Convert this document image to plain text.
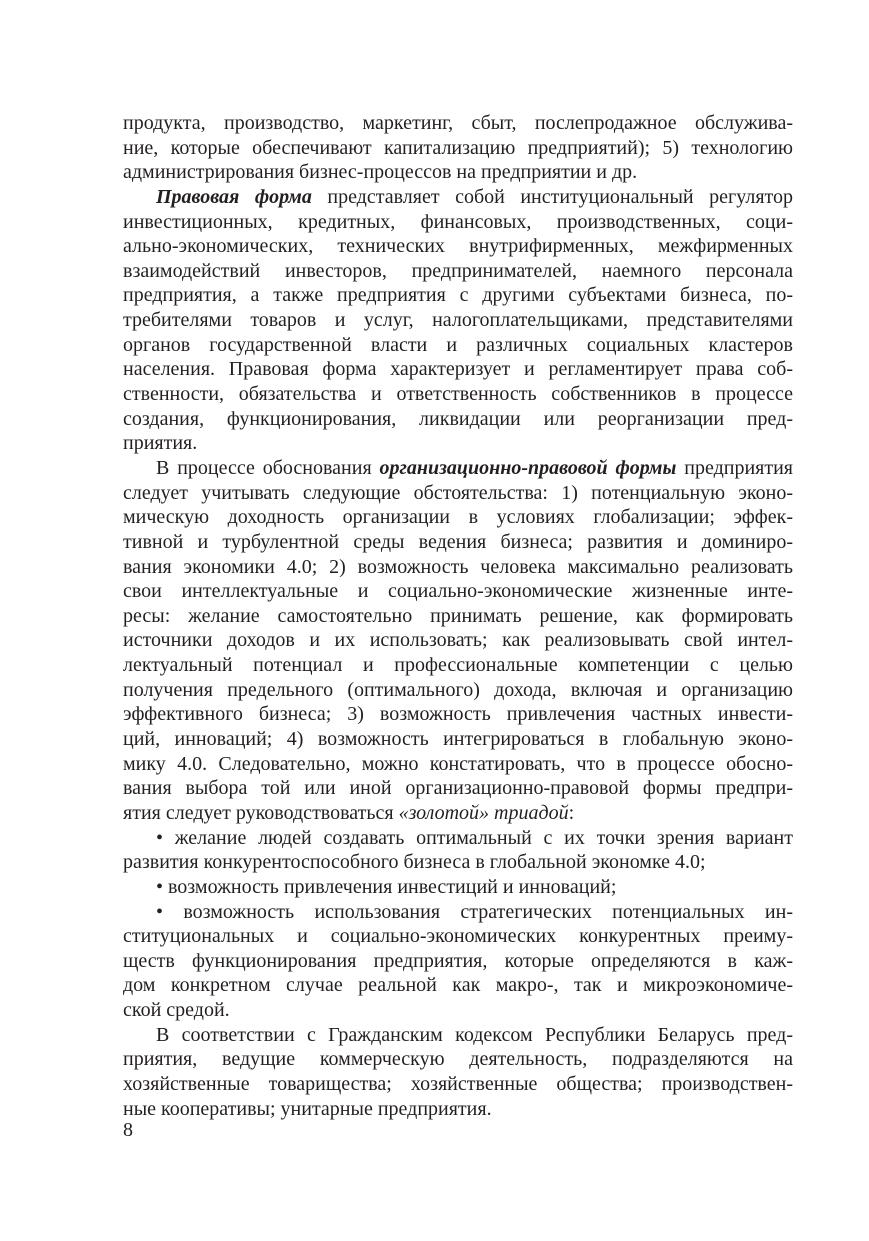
продукта, производство, маркетинг, сбыт, послепродажное обслужива-
ние, которые обеспечивают капитализацию предприятий); 5) технологию
администрирования бизнес-процессов на предприятии и др.
Правовая форма представляет собой институциональный регулятор
инвестиционных, кредитных, финансовых, производственных, соци-
ально-экономических, технических внутрифирменных, межфирменных
взаимодействий инвесторов, предпринимателей, наемного персонала
предприятия, а также предприятия с другими субъектами бизнеса, по-
требителями товаров и услуг, налогоплательщиками, представителями
органов государственной власти и различных социальных кластеров
населения. Правовая форма характеризует и регламентирует права соб-
ственности, обязательства и ответственность собственников в процессе
создания, функционирования, ликвидации или реорганизации пред-
приятия.
В процессе обоснования организационно-правовой формы предприятия
следует учитывать следующие обстоятельства: 1) потенциальную эконо-
мическую доходность организации в условиях глобализации; эффек-
тивной и турбулентной среды ведения бизнеса; развития и доминиро-
вания экономики 4.0; 2) возможность человека максимально реализовать
свои интеллектуальные и социально-экономические жизненные инте-
ресы: желание самостоятельно принимать решение, как формировать
источники доходов и их использовать; как реализовывать свой интел-
лектуальный потенциал и профессиональные компетенции с целью
получения предельного (оптимального) дохода, включая и организацию
эффективного бизнеса; 3) возможность привлечения частных инвести-
ций, инноваций; 4) возможность интегрироваться в глобальную эконо-
мику 4.0. Следовательно, можно констатировать, что в процессе обосно-
вания выбора той или иной организационно-правовой формы предпри-
ятия следует руководствоваться «золотой» триадой:
• желание людей создавать оптимальный с их точки зрения вариант
развития конкурентоспособного бизнеса в глобальной экономке 4.0;
• возможность привлечения инвестиций и инноваций;
• возможность использования стратегических потенциальных ин-
ституциональных и социально-экономических конкурентных преиму-
ществ функционирования предприятия, которые определяются в каж-
дом конкретном случае реальной как макро-, так и микроэкономиче-
ской средой.
В соответствии с Гражданским кодексом Республики Беларусь пред-
приятия, ведущие коммерческую деятельность, подразделяются на
хозяйственные товарищества; хозяйственные общества; производствен-
ные кооперативы; унитарные предприятия.
8
